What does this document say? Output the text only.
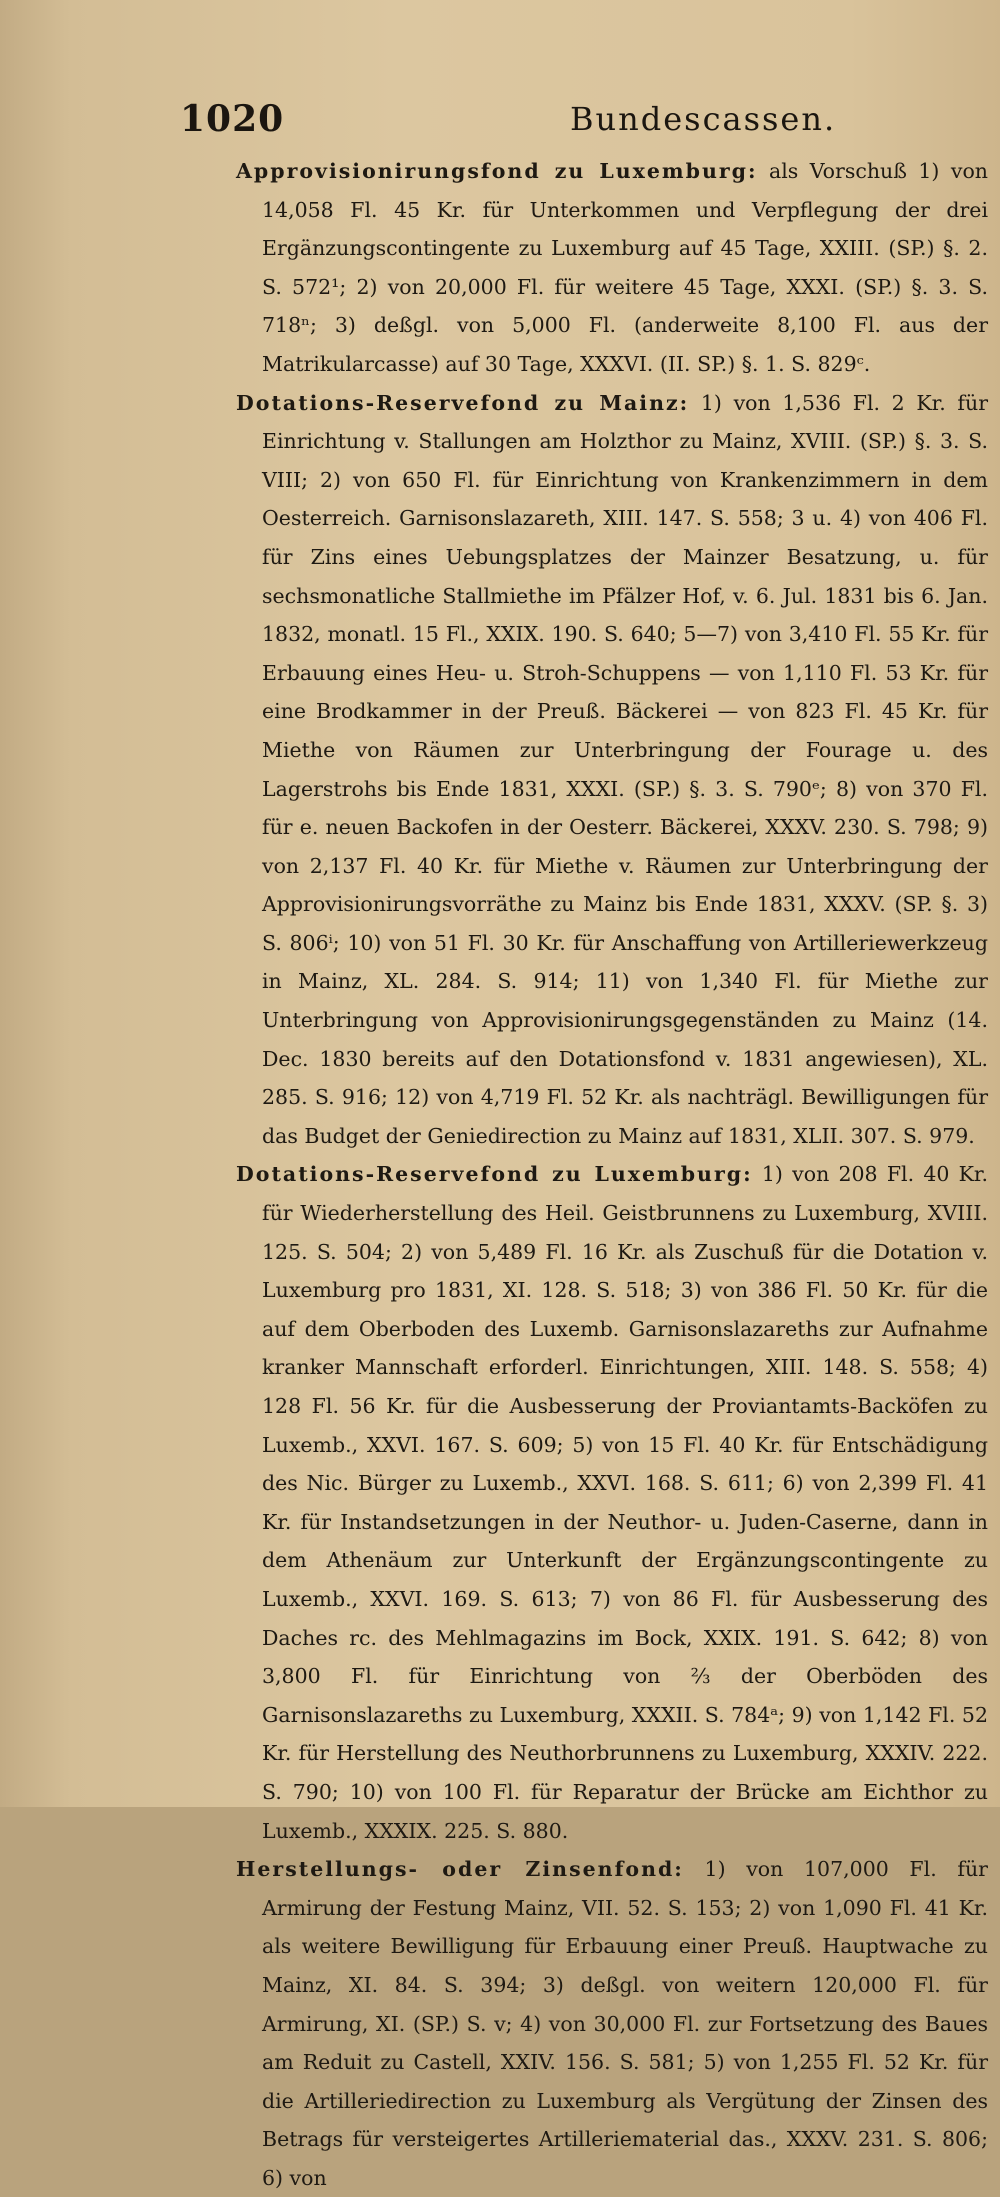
1020	Bundescassen.

Approvisionirungsfond zu Luxemburg: als Vorschuß 1) von 14,058 Fl. 45 Kr. für Unterkommen und Verpflegung der drei Ergänzungscontingente zu Luxemburg auf 45 Tage, XXIII. (SP.) §. 2. S. 572¹; 2) von 20,000 Fl. für weitere 45 Tage, XXXI. (SP.) §. 3. S. 718ⁿ; 3) deßgl. von 5,000 Fl. (anderweite 8,100 Fl. aus der Matrikularcasse) auf 30 Tage, XXXVI. (II. SP.) §. 1. S. 829ᶜ.

Dotations-Reservefond zu Mainz: 1) von 1,536 Fl. 2 Kr. für Einrichtung v. Stallungen am Holzthor zu Mainz, XVIII. (SP.) §. 3. S. VIII; 2) von 650 Fl. für Einrichtung von Krankenzimmern in dem Oesterreich. Garnisonslazareth, XIII. 147. S. 558; 3 u. 4) von 406 Fl. für Zins eines Uebungsplatzes der Mainzer Besatzung, u. für sechsmonatliche Stallmiethe im Pfälzer Hof, v. 6. Jul. 1831 bis 6. Jan. 1832, monatl. 15 Fl., XXIX. 190. S. 640; 5—7) von 3,410 Fl. 55 Kr. für Erbauung eines Heu- u. Stroh-Schuppens — von 1,110 Fl. 53 Kr. für eine Brodkammer in der Preuß. Bäckerei — von 823 Fl. 45 Kr. für Miethe von Räumen zur Unterbringung der Fourage u. des Lagerstrohs bis Ende 1831, XXXI. (SP.) §. 3. S. 790ᵉ; 8) von 370 Fl. für e. neuen Backofen in der Oesterr. Bäckerei, XXXV. 230. S. 798; 9) von 2,137 Fl. 40 Kr. für Miethe v. Räumen zur Unterbringung der Approvisionirungsvorräthe zu Mainz bis Ende 1831, XXXV. (SP. §. 3) S. 806ⁱ; 10) von 51 Fl. 30 Kr. für Anschaffung von Artilleriewerkzeug in Mainz, XL. 284. S. 914; 11) von 1,340 Fl. für Miethe zur Unterbringung von Approvisionirungsgegenständen zu Mainz (14. Dec. 1830 bereits auf den Dotationsfond v. 1831 angewiesen), XL. 285. S. 916; 12) von 4,719 Fl. 52 Kr. als nachträgl. Bewilligungen für das Budget der Geniedirection zu Mainz auf 1831, XLII. 307. S. 979.

Dotations-Reservefond zu Luxemburg: 1) von 208 Fl. 40 Kr. für Wiederherstellung des Heil. Geistbrunnens zu Luxemburg, XVIII. 125. S. 504; 2) von 5,489 Fl. 16 Kr. als Zuschuß für die Dotation v. Luxemburg pro 1831, XI. 128. S. 518; 3) von 386 Fl. 50 Kr. für die auf dem Oberboden des Luxemb. Garnisonslazareths zur Aufnahme kranker Mannschaft erforderl. Einrichtungen, XIII. 148. S. 558; 4) 128 Fl. 56 Kr. für die Ausbesserung der Proviantamts-Backöfen zu Luxemb., XXVI. 167. S. 609; 5) von 15 Fl. 40 Kr. für Entschädigung des Nic. Bürger zu Luxemb., XXVI. 168. S. 611; 6) von 2,399 Fl. 41 Kr. für Instandsetzungen in der Neuthor- u. Juden-Caserne, dann in dem Athenäum zur Unterkunft der Ergänzungscontingente zu Luxemb., XXVI. 169. S. 613; 7) von 86 Fl. für Ausbesserung des Daches rc. des Mehlmagazins im Bock, XXIX. 191. S. 642; 8) von 3,800 Fl. für Einrichtung von ⅔ der Oberböden des Garnisonslazareths zu Luxemburg, XXXII. S. 784ᵃ; 9) von 1,142 Fl. 52 Kr. für Herstellung des Neuthorbrunnens zu Luxemburg, XXXIV. 222. S. 790; 10) von 100 Fl. für Reparatur der Brücke am Eichthor zu Luxemb., XXXIX. 225. S. 880.

Herstellungs- oder Zinsenfond: 1) von 107,000 Fl. für Armirung der Festung Mainz, VII. 52. S. 153; 2) von 1,090 Fl. 41 Kr. als weitere Bewilligung für Erbauung einer Preuß. Hauptwache zu Mainz, XI. 84. S. 394; 3) deßgl. von weitern 120,000 Fl. für Armirung, XI. (SP.) S. v; 4) von 30,000 Fl. zur Fortsetzung des Baues am Reduit zu Castell, XXIV. 156. S. 581; 5) von 1,255 Fl. 52 Kr. für die Artilleriedirection zu Luxemburg als Vergütung der Zinsen des Betrags für versteigertes Artilleriematerial das., XXXV. 231. S. 806; 6) von
